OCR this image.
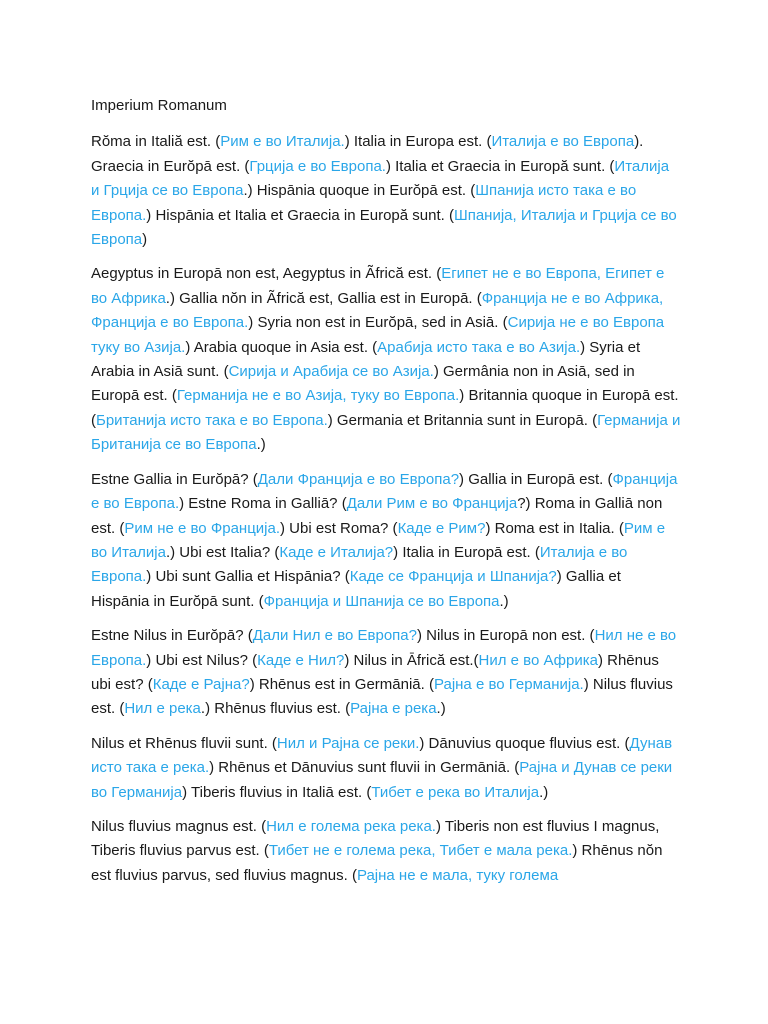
Imperium Romanum

Rŏma in Italiă est. (Рим е во Италија.) Italia in Europa est. (Италија е во Европа). Graecia in Eurŏpā est. (Грција е во Европа.) Italia et Graecia in Europă sunt. (Италија и Грција се во Европа.) Hispānia quoque in Eurŏpā est. (Шпанија исто така е во Европа.) Hispānia et Italia et Graecia in Europă sunt. (Шпанија, Италија и Грција се во Европа)

Aegyptus in Europā non est, Aegyptus in Ãfrică est. (Египет не е во Европа, Египет е во Африка.) Gallia nŏn in Ãfrică est, Gallia est in Europā. (Франција не е во Африка, Франција е во Европа.) Syria non est in Eurŏpā, sed in Asiā. (Сирија не е во Европа туку во Азија.) Arabia quoque in Asia est. (Арабија исто така е во Азија.) Syria et Arabia in Asiā sunt. (Сирија и Арабија се во Азија.) Germânia non in Asiā, sed in Europā est. (Германија не е во Азија, туку во Европа.) Britannia quoque in Europā est. (Британија исто така е во Европа.) Germania et Britannia sunt in Europā. (Германија и Британија се во Европа.)

Estne Gallia in Eurŏpā? (Дали Франција е во Европа?) Gallia in Europā est. (Франција е во Европа.) Estne Roma in Galliā? (Дали Рим е во Франција?) Roma in Galliā non est. (Рим не е во Франција.) Ubi est Roma? (Каде е Рим?) Roma est in Italia. (Рим е во Италија.) Ubi est Italia? (Каде е Италија?) Italia in Europā est. (Италија е во Европа.) Ubi sunt Gallia et Hispānia? (Каде се Франција и Шпанија?) Gallia et Hispānia in Eurŏpā sunt. (Франција и Шпанија се во Европа.)

Estne Nilus in Eurŏpā? (Дали Нил е во Европа?) Nilus in Europā non est. (Нил не е во Европа.) Ubi est Nilus? (Каде е Нил?) Nilus in Āfrică est.(Нил е во Африка) Rhēnus ubi est? (Каде е Рајна?) Rhēnus est in Germāniā. (Рајна е во Германија.) Nilus fluvius est. (Нил е река.) Rhēnus fluvius est. (Рајна е река.)

Nilus et Rhēnus fluvii sunt. (Нил и Рајна се реки.) Dānuvius quoque fluvius est. (Дунав исто така е река.) Rhēnus et Dānuvius sunt fluvii in Germāniā. (Рајна и Дунав се реки во Германија) Tiberis fluvius in Italiā est. (Тибет е река во Италија.)

Nilus fluvius magnus est. (Нил е голема река река.) Tiberis non est fluvius I magnus, Tiberis fluvius parvus est. (Тибет не е голема река, Тибет е мала река.) Rhēnus nŏn est fluvius parvus, sed fluvius magnus. (Рајна не е мала, туку голема
